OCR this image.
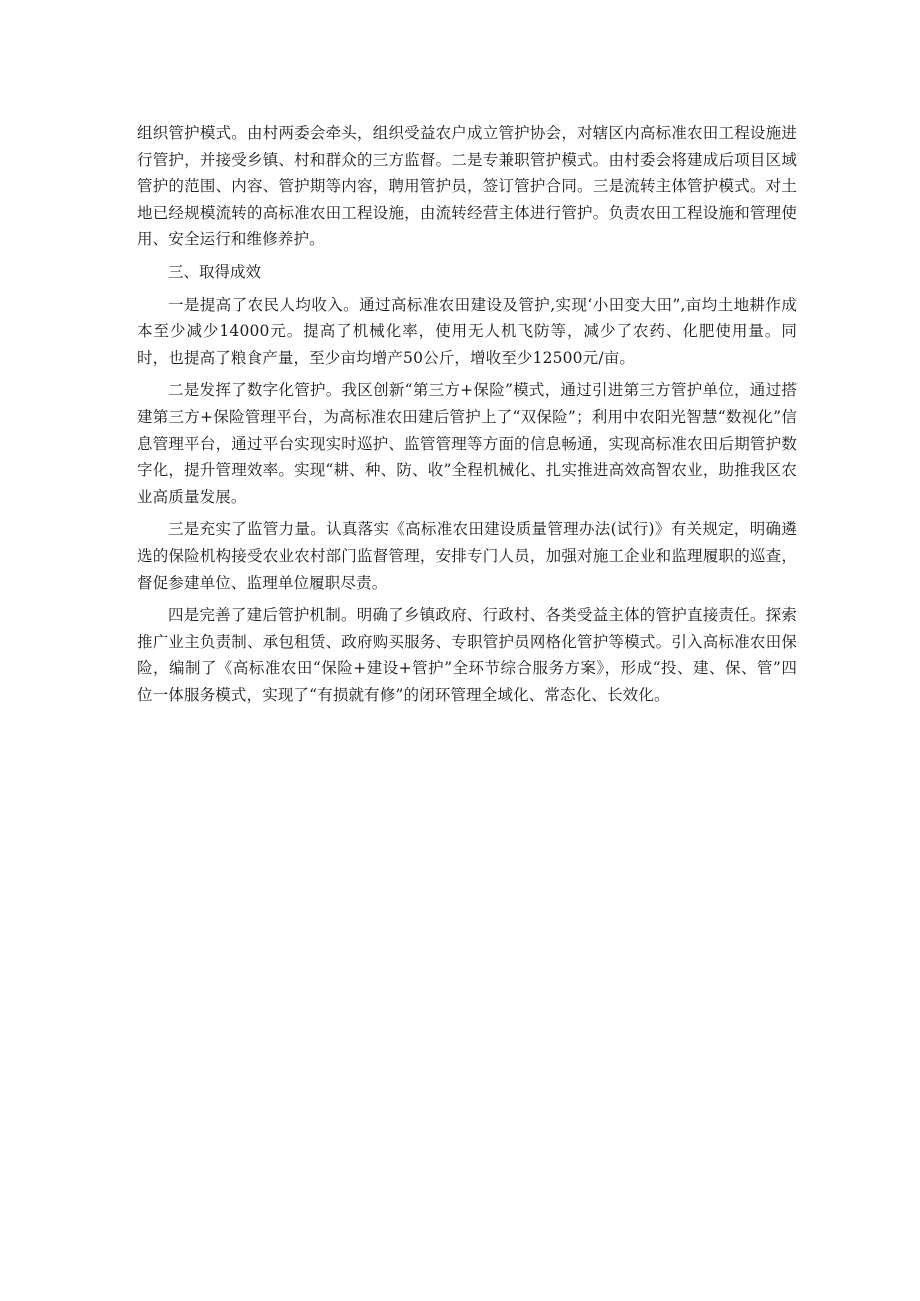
组织管护模式。由村两委会牵头，组织受益农户成立管护协会，对辖区内高标准农田工程设施进行管护，并接受乡镇、村和群众的三方监督。二是专兼职管护模式。由村委会将建成后项目区域管护的范围、内容、管护期等内容，聘用管护员，签订管护合同。三是流转主体管护模式。对土地已经规模流转的高标准农田工程设施，由流转经营主体进行管护。负责农田工程设施和管理使用、安全运行和维修养护。

三、取得成效

一是提高了农民人均收入。通过高标准农田建设及管护,实现‘小田变大田”,亩均土地耕作成本至少减少14000元。提高了机械化率，使用无人机飞防等，减少了农药、化肥使用量。同时，也提高了粮食产量，至少亩均增产50公斤，增收至少12500元/亩。

二是发挥了数字化管护。我区创新“第三方+保险”模式，通过引进第三方管护单位，通过搭建第三方+保险管理平台，为高标准农田建后管护上了“双保险”；利用中农阳光智慧“数视化”信息管理平台，通过平台实现实时巡护、监管管理等方面的信息畅通，实现高标准农田后期管护数字化，提升管理效率。实现“耕、种、防、收”全程机械化、扎实推进高效高智农业，助推我区农业高质量发展。

三是充实了监管力量。认真落实《高标准农田建设质量管理办法(试行)》有关规定，明确遴选的保险机构接受农业农村部门监督管理，安排专门人员，加强对施工企业和监理履职的巡查，督促参建单位、监理单位履职尽责。

四是完善了建后管护机制。明确了乡镇政府、行政村、各类受益主体的管护直接责任。探索推广业主负责制、承包租赁、政府购买服务、专职管护员网格化管护等模式。引入高标准农田保险，编制了《高标准农田“保险+建设+管护”全环节综合服务方案》，形成“投、建、保、管”四位一体服务模式，实现了“有损就有修”的闭环管理全域化、常态化、长效化。
